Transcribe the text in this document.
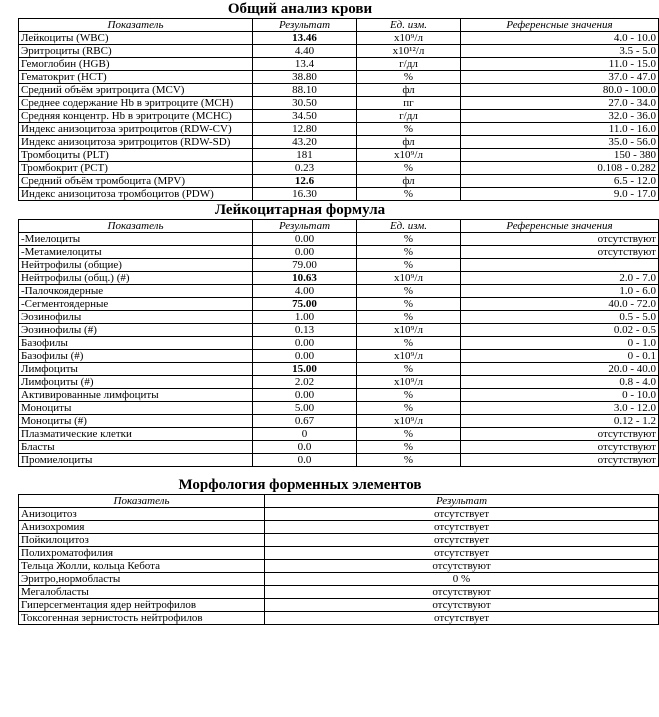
Общий анализ крови
Показатель	Результат	Ед. изм.	Референсные значения
Лейкоциты (WBC)	13.46	x10⁹/л	4.0 - 10.0
Эритроциты (RBC)	4.40	x10¹²/л	3.5 - 5.0
Гемоглобин (HGB)	13.4	г/дл	11.0 - 15.0
Гематокрит (HCT)	38.80	%	37.0 - 47.0
Средний объём эритроцита (MCV)	88.10	фл	80.0 - 100.0
Среднее содержание Hb в эритроците (MCH)	30.50	пг	27.0 - 34.0
Средняя концентр. Hb в эритроците (MCHC)	34.50	г/дл	32.0 - 36.0
Индекс анизоцитоза эритроцитов (RDW-CV)	12.80	%	11.0 - 16.0
Индекс анизоцитоза эритроцитов (RDW-SD)	43.20	фл	35.0 - 56.0
Тромбоциты (PLT)	181	x10⁹/л	150 - 380
Тромбокрит (PCT)	0.23	%	0.108 - 0.282
Средний объём тромбоцита (MPV)	12.6	фл	6.5 - 12.0
Индекс анизоцитоза тромбоцитов (PDW)	16.30	%	9.0 - 17.0
Лейкоцитарная формула
Показатель	Результат	Ед. изм.	Референсные значения
-Миелоциты	0.00	%	отсутствуют
-Метамиелоциты	0.00	%	отсутствуют
Нейтрофилы (общие)	79.00	%	
Нейтрофилы (общ.) (#)	10.63	x10⁹/л	2.0 - 7.0
-Палочкоядерные	4.00	%	1.0 - 6.0
-Сегментоядерные	75.00	%	40.0 - 72.0
Эозинофилы	1.00	%	0.5 - 5.0
Эозинофилы (#)	0.13	x10⁹/л	0.02 - 0.5
Базофилы	0.00	%	0 - 1.0
Базофилы (#)	0.00	x10⁹/л	0 - 0.1
Лимфоциты	15.00	%	20.0 - 40.0
Лимфоциты (#)	2.02	x10⁹/л	0.8 - 4.0
Активированные лимфоциты	0.00	%	0 - 10.0
Моноциты	5.00	%	3.0 - 12.0
Моноциты (#)	0.67	x10⁹/л	0.12 - 1.2
Плазматические клетки	0	%	отсутствуют
Бласты	0.0	%	отсутствуют
Промиелоциты	0.0	%	отсутствуют
Морфология форменных элементов
Показатель	Результат
Анизоцитоз	отсутствует
Анизохромия	отсутствует
Пойкилоцитоз	отсутствует
Полихроматофилия	отсутствует
Тельца Жолли, кольца Кебота	отсутствуют
Эритро,нормобласты	0 %
Мегалобласты	отсутствуют
Гиперсегментация ядер нейтрофилов	отсутствуют
Токсогенная зернистость нейтрофилов	отсутствует
